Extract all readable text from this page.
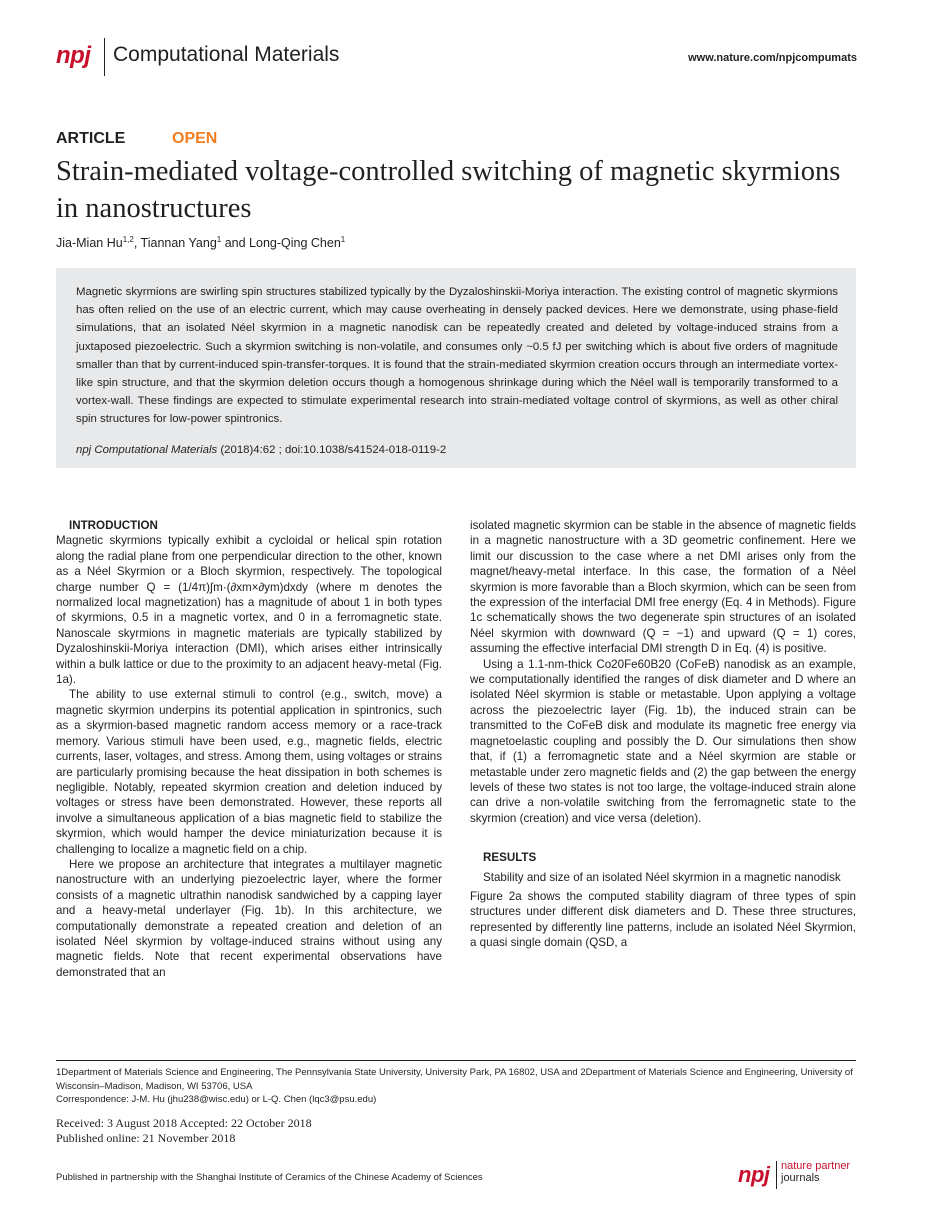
npj Computational Materials	www.nature.com/npjcompumats
ARTICLE	OPEN
Strain-mediated voltage-controlled switching of magnetic skyrmions in nanostructures
Jia-Mian Hu$^{1,2}$, Tiannan Yang$^1$ and Long-Qing Chen$^1$
Magnetic skyrmions are swirling spin structures stabilized typically by the Dyzaloshinskii-Moriya interaction. The existing control of magnetic skyrmions has often relied on the use of an electric current, which may cause overheating in densely packed devices. Here we demonstrate, using phase-field simulations, that an isolated Néel skyrmion in a magnetic nanodisk can be repeatedly created and deleted by voltage-induced strains from a juxtaposed piezoelectric. Such a skyrmion switching is non-volatile, and consumes only ~0.5 fJ per switching which is about five orders of magnitude smaller than that by current-induced spin-transfer-torques. It is found that the strain-mediated skyrmion creation occurs through an intermediate vortex-like spin structure, and that the skyrmion deletion occurs though a homogenous shrinkage during which the Néel wall is temporarily transformed to a vortex-wall. These findings are expected to stimulate experimental research into strain-mediated voltage control of skyrmions, as well as other chiral spin structures for low-power spintronics.
npj Computational Materials (2018)4:62 ; doi:10.1038/s41524-018-0119-2

INTRODUCTION

Magnetic skyrmions typically exhibit a cycloidal or helical spin rotation along the radial plane from one perpendicular direction to the other, known as a Néel Skyrmion or a Bloch skyrmion, respectively. The topological charge number Q = (1/4π)∫m·(∂xm×∂ym)dxdy (where m denotes the normalized local magnetization) has a magnitude of about 1 in both types of skyrmions, 0.5 in a magnetic vortex, and 0 in a ferromagnetic state. Nanoscale skyrmions in magnetic materials are typically stabilized by Dyzaloshinskii-Moriya interaction (DMI), which arises either intrinsically within a bulk lattice or due to the proximity to an adjacent heavy-metal (Fig. 1a).

The ability to use external stimuli to control (e.g., switch, move) a magnetic skyrmion underpins its potential application in spintronics, such as a skyrmion-based magnetic random access memory or a race-track memory. Various stimuli have been used, e.g., magnetic fields, electric currents, laser, voltages, and stress. Among them, using voltages or strains are particularly promising because the heat dissipation in both schemes is negligible. Notably, repeated skyrmion creation and deletion induced by voltages or stress have been demonstrated. However, these reports all involve a simultaneous application of a bias magnetic field to stabilize the skyrmion, which would hamper the device miniaturization because it is challenging to localize a magnetic field on a chip.

Here we propose an architecture that integrates a multilayer magnetic nanostructure with an underlying piezoelectric layer, where the former consists of a magnetic ultrathin nanodisk sandwiched by a capping layer and a heavy-metal underlayer (Fig. 1b). In this architecture, we computationally demonstrate a repeated creation and deletion of an isolated Néel skyrmion by voltage-induced strains without using any magnetic fields. Note that recent experimental observations have demonstrated that an

isolated magnetic skyrmion can be stable in the absence of magnetic fields in a magnetic nanostructure with a 3D geometric confinement. Here we limit our discussion to the case where a net DMI arises only from the magnet/heavy-metal interface. In this case, the formation of a Néel skyrmion is more favorable than a Bloch skyrmion, which can be seen from the expression of the interfacial DMI free energy (Eq. 4 in Methods). Figure 1c schematically shows the two degenerate spin structures of an isolated Néel skyrmion with downward (Q = −1) and upward (Q = 1) cores, assuming the effective interfacial DMI strength D in Eq. (4) is positive.

Using a 1.1-nm-thick Co20Fe60B20 (CoFeB) nanodisk as an example, we computationally identified the ranges of disk diameter and D where an isolated Néel skyrmion is stable or metastable. Upon applying a voltage across the piezoelectric layer (Fig. 1b), the induced strain can be transmitted to the CoFeB disk and modulate its magnetic free energy via magnetoelastic coupling and possibly the D. Our simulations then show that, if (1) a ferromagnetic state and a Néel skyrmion are stable or metastable under zero magnetic fields and (2) the gap between the energy levels of these two states is not too large, the voltage-induced strain alone can drive a non-volatile switching from the ferromagnetic state to the skyrmion (creation) and vice versa (deletion).

RESULTS

Stability and size of an isolated Néel skyrmion in a magnetic nanodisk

Figure 2a shows the computed stability diagram of three types of spin structures under different disk diameters and D. These three structures, represented by differently line patterns, include an isolated Néel Skyrmion, a quasi single domain (QSD, a

1Department of Materials Science and Engineering, The Pennsylvania State University, University Park, PA 16802, USA and 2Department of Materials Science and Engineering, University of Wisconsin–Madison, Madison, WI 53706, USA
Correspondence: J-M. Hu (jhu238@wisc.edu) or L-Q. Chen (lqc3@psu.edu)
Received: 3 August 2018 Accepted: 22 October 2018
Published online: 21 November 2018
Published in partnership with the Shanghai Institute of Ceramics of the Chinese Academy of Sciences	npj nature partner
journals
